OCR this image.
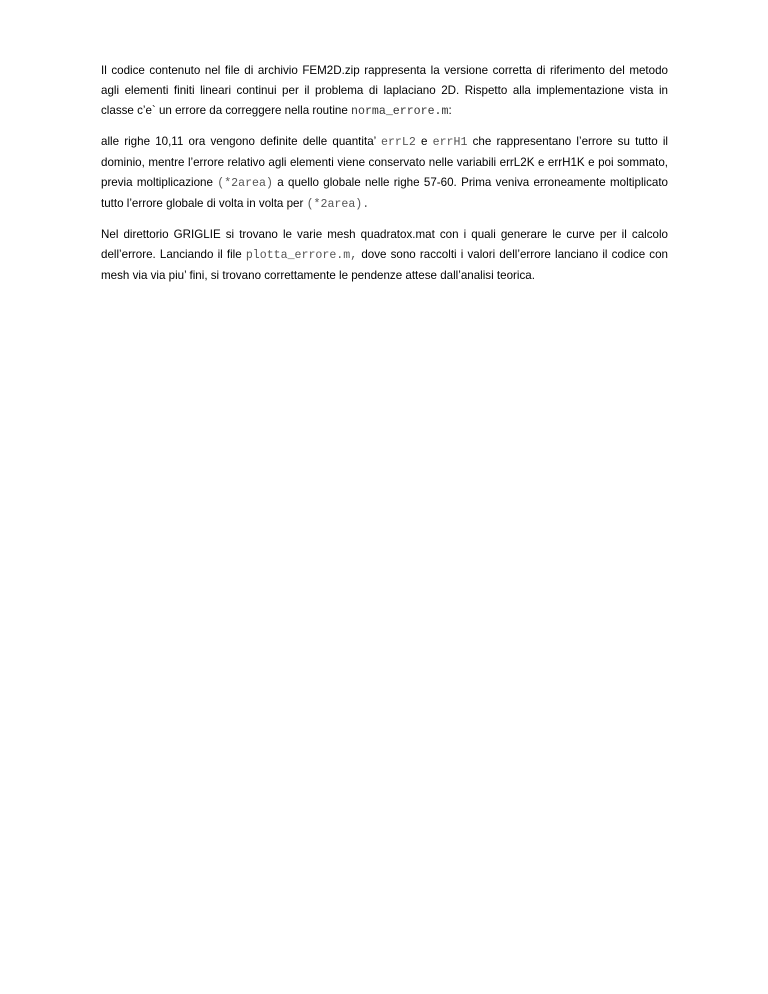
Il codice contenuto nel file di archivio FEM2D.zip rappresenta la versione corretta di riferimento del metodo agli elementi finiti lineari continui per il problema di laplaciano 2D. Rispetto alla implementazione vista in classe c’e` un errore da correggere nella routine norma_errore.m:

alle righe 10,11 ora vengono definite delle quantita’ errL2 e errH1 che rappresentano l’errore su tutto il dominio, mentre l’errore relativo agli elementi viene conservato nelle variabili errL2K e errH1K e poi sommato, previa moltiplicazione (*2area) a quello globale nelle righe 57-60. Prima veniva erroneamente moltiplicato tutto l’errore globale di volta in volta per (*2area).

Nel direttorio GRIGLIE si trovano le varie mesh quadratox.mat con i quali generare le curve per il calcolo dell’errore. Lanciando il file plotta_errore.m, dove sono raccolti i valori dell’errore lanciano il codice con mesh via via piu’ fini, si trovano correttamente le pendenze attese dall’analisi teorica.
